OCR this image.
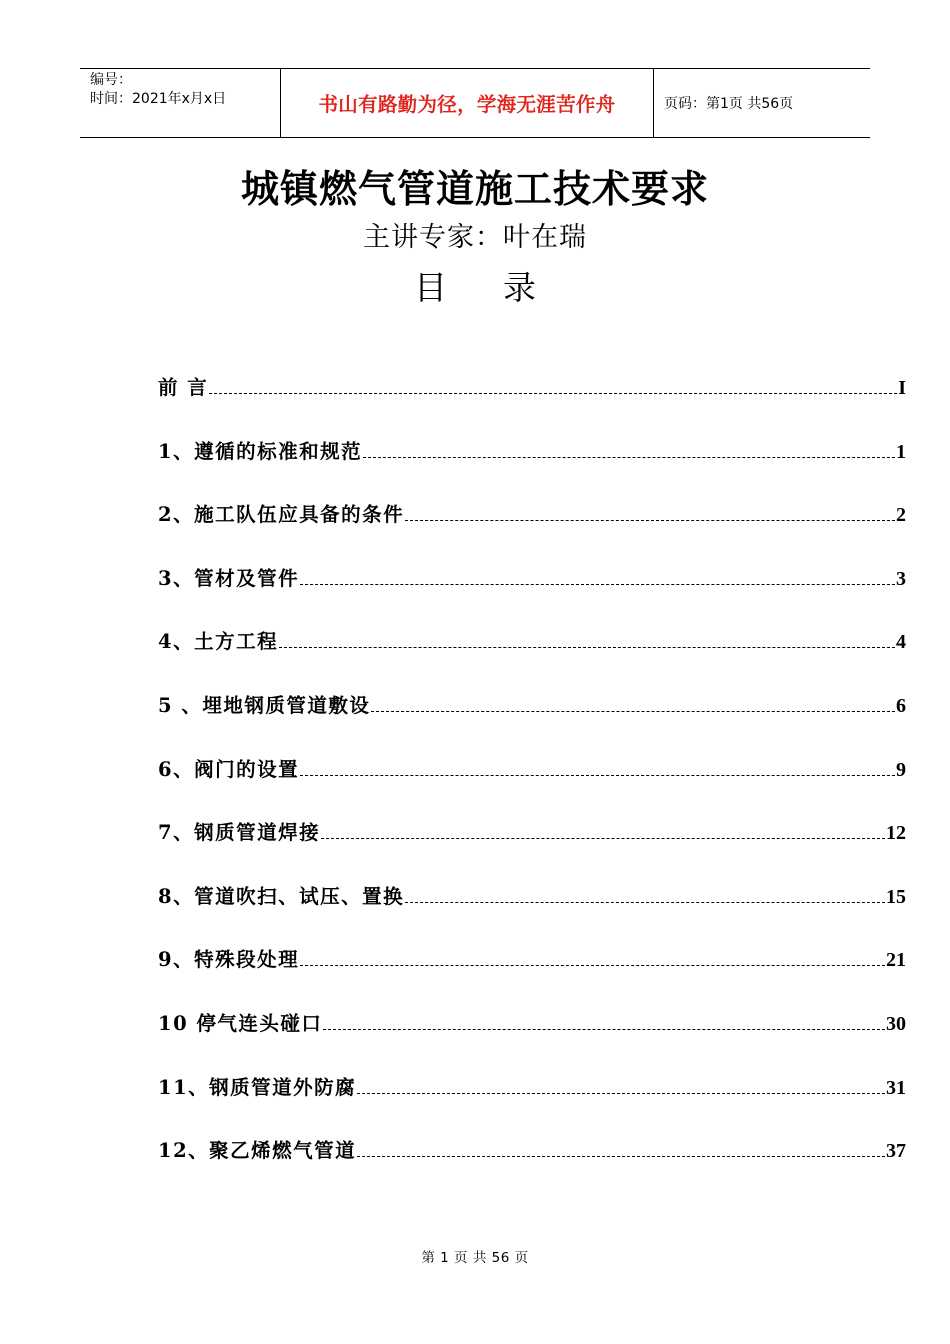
编号：
时间：2021年x月x日	书山有路勤为径，学海无涯苦作舟	页码：第1页 共56页
城镇燃气管道施工技术要求
主讲专家：叶在瑞
目 录
前 言	I
1、遵循的标准和规范	1
2、施工队伍应具备的条件	2
3、管材及管件	3
4、土方工程	4
5 、埋地钢质管道敷设	6
6、阀门的设置	9
7、钢质管道焊接	12
8、管道吹扫、试压、置换	15
9、特殊段处理	21
10 停气连头碰口	30
11、钢质管道外防腐	31
12、聚乙烯燃气管道	37
第 1 页 共 56 页
